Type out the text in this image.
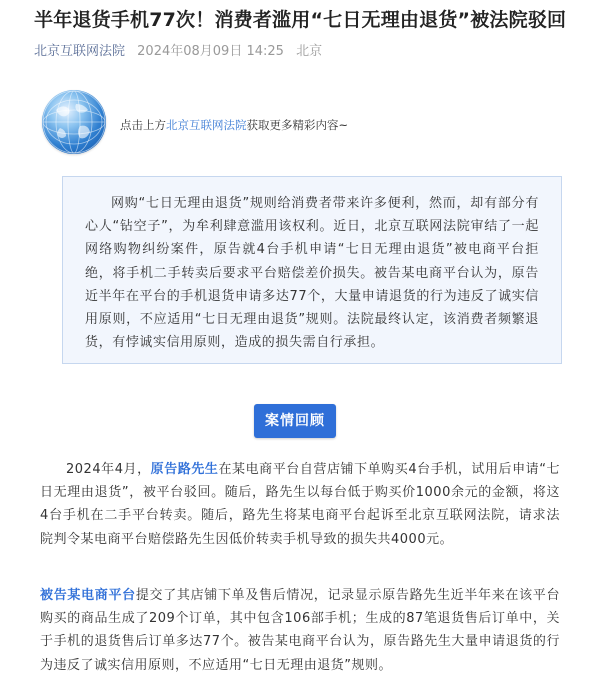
半年退货手机77次！消费者滥用“七日无理由退货”被法院驳回
北京互联网法院 2024年08月09日 14:25 北京
点击上方北京互联网法院获取更多精彩内容~

网购“七日无理由退货”规则给消费者带来许多便利，然而，却有部分有心人“钻空子”，为牟利肆意滥用该权利。近日，北京互联网法院审结了一起网络购物纠纷案件，原告就4台手机申请“七日无理由退货”被电商平台拒绝，将手机二手转卖后要求平台赔偿差价损失。被告某电商平台认为，原告近半年在平台的手机退货申请多达77个，大量申请退货的行为违反了诚实信用原则，不应适用“七日无理由退货”规则。法院最终认定，该消费者频繁退货，有悖诚实信用原则，造成的损失需自行承担。

案情回顾
2024年4月，原告路先生在某电商平台自营店铺下单购买4台手机，试用后申请“七日无理由退货”，被平台驳回。随后，路先生以每台低于购买价1000余元的金额，将这4台手机在二手平台转卖。随后，路先生将某电商平台起诉至北京互联网法院，请求法院判令某电商平台赔偿路先生因低价转卖手机导致的损失共4000元。
被告某电商平台提交了其店铺下单及售后情况，记录显示原告路先生近半年来在该平台购买的商品生成了209个订单，其中包含106部手机；生成的87笔退货售后订单中，关于手机的退货售后订单多达77个。被告某电商平台认为，原告路先生大量申请退货的行为违反了诚实信用原则，不应适用“七日无理由退货”规则。
